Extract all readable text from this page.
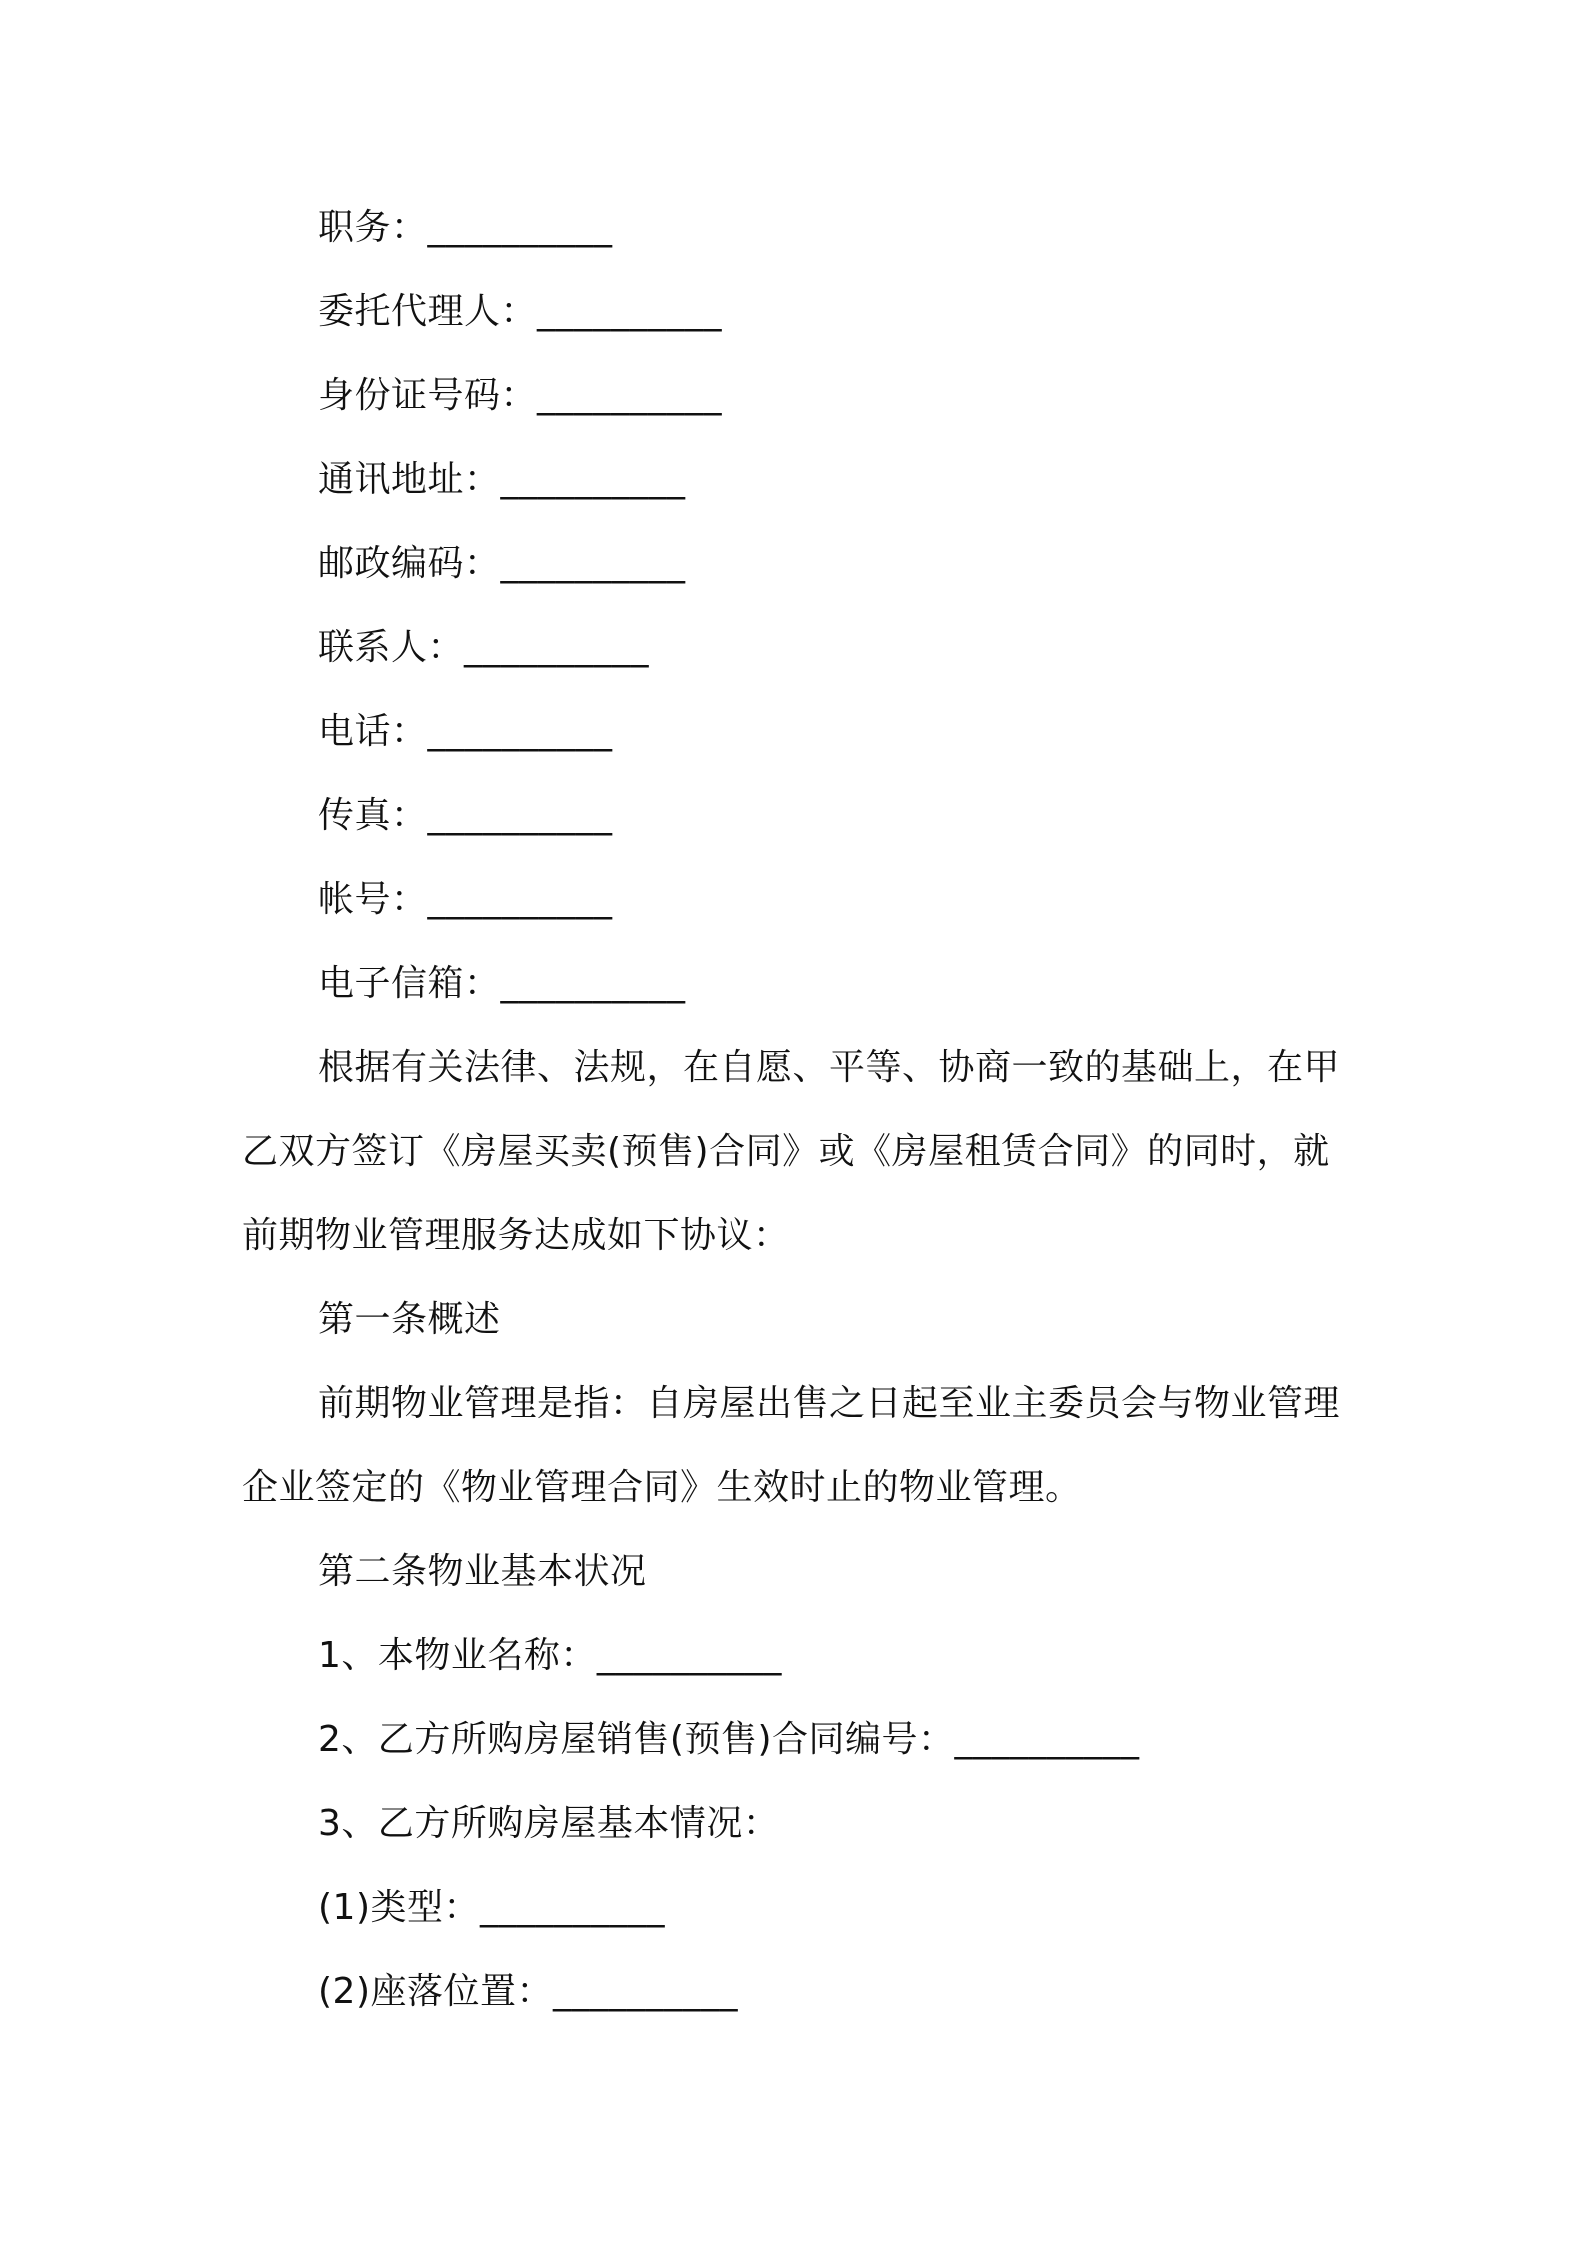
职务：__________
委托代理人：__________
身份证号码：__________
通讯地址：__________
邮政编码：__________
联系人：__________
电话：__________
传真：__________
帐号：__________
电子信箱：__________
根据有关法律、法规，在自愿、平等、协商一致的基础上，在甲
乙双方签订《房屋买卖(预售)合同》或《房屋租赁合同》的同时，就
前期物业管理服务达成如下协议：
第一条概述
前期物业管理是指：自房屋出售之日起至业主委员会与物业管理
企业签定的《物业管理合同》生效时止的物业管理。
第二条物业基本状况
1、本物业名称：__________
2、乙方所购房屋销售(预售)合同编号：__________
3、乙方所购房屋基本情况：
(1)类型：__________
(2)座落位置：__________
